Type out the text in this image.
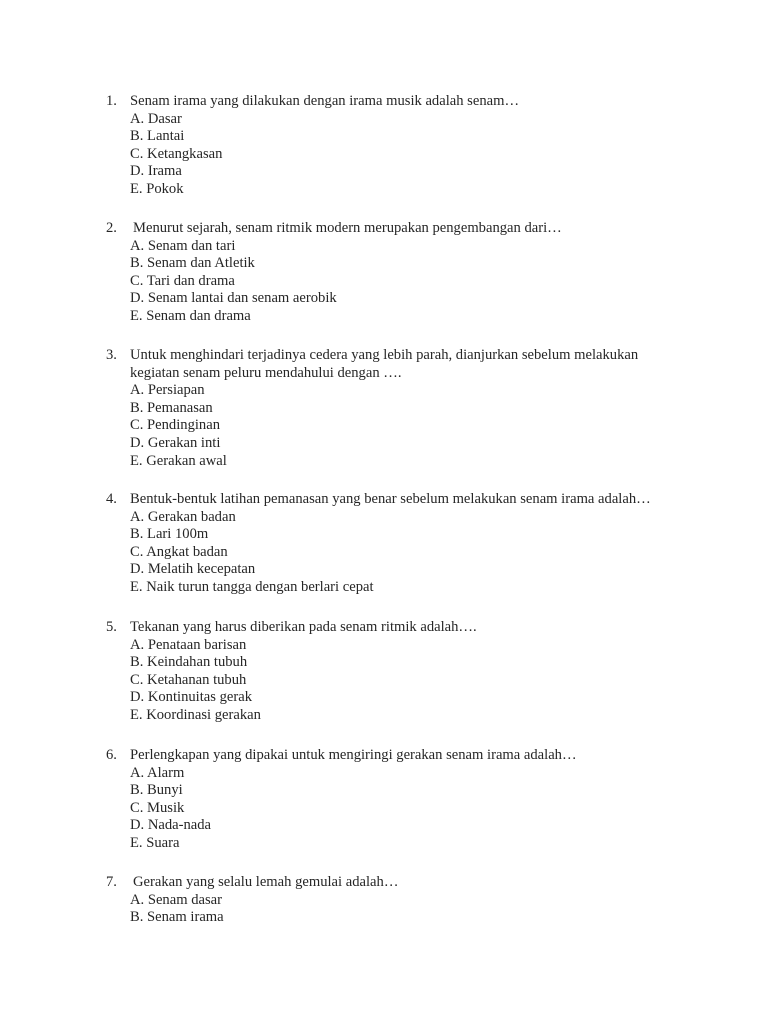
1. Senam irama yang dilakukan dengan irama musik adalah senam…
A. Dasar
B. Lantai
C. Ketangkasan
D. Irama
E. Pokok
2. Menurut sejarah, senam ritmik modern merupakan pengembangan dari…
A. Senam dan tari
B. Senam dan Atletik
C. Tari dan drama
D. Senam lantai dan senam aerobik
E. Senam dan drama
3. Untuk menghindari terjadinya cedera yang lebih parah, dianjurkan sebelum melakukan
kegiatan senam peluru mendahului dengan ….
A. Persiapan
B. Pemanasan
C. Pendinginan
D. Gerakan inti
E. Gerakan awal
4. Bentuk-bentuk latihan pemanasan yang benar sebelum melakukan senam irama adalah…
A. Gerakan badan
B. Lari 100m
C. Angkat badan
D. Melatih kecepatan
E. Naik turun tangga dengan berlari cepat
5. Tekanan yang harus diberikan pada senam ritmik adalah….
A. Penataan barisan
B. Keindahan tubuh
C. Ketahanan tubuh
D. Kontinuitas gerak
E. Koordinasi gerakan
6. Perlengkapan yang dipakai untuk mengiringi gerakan senam irama adalah…
A. Alarm
B. Bunyi
C. Musik
D. Nada-nada
E. Suara
7. Gerakan yang selalu lemah gemulai adalah…
A. Senam dasar
B. Senam irama
